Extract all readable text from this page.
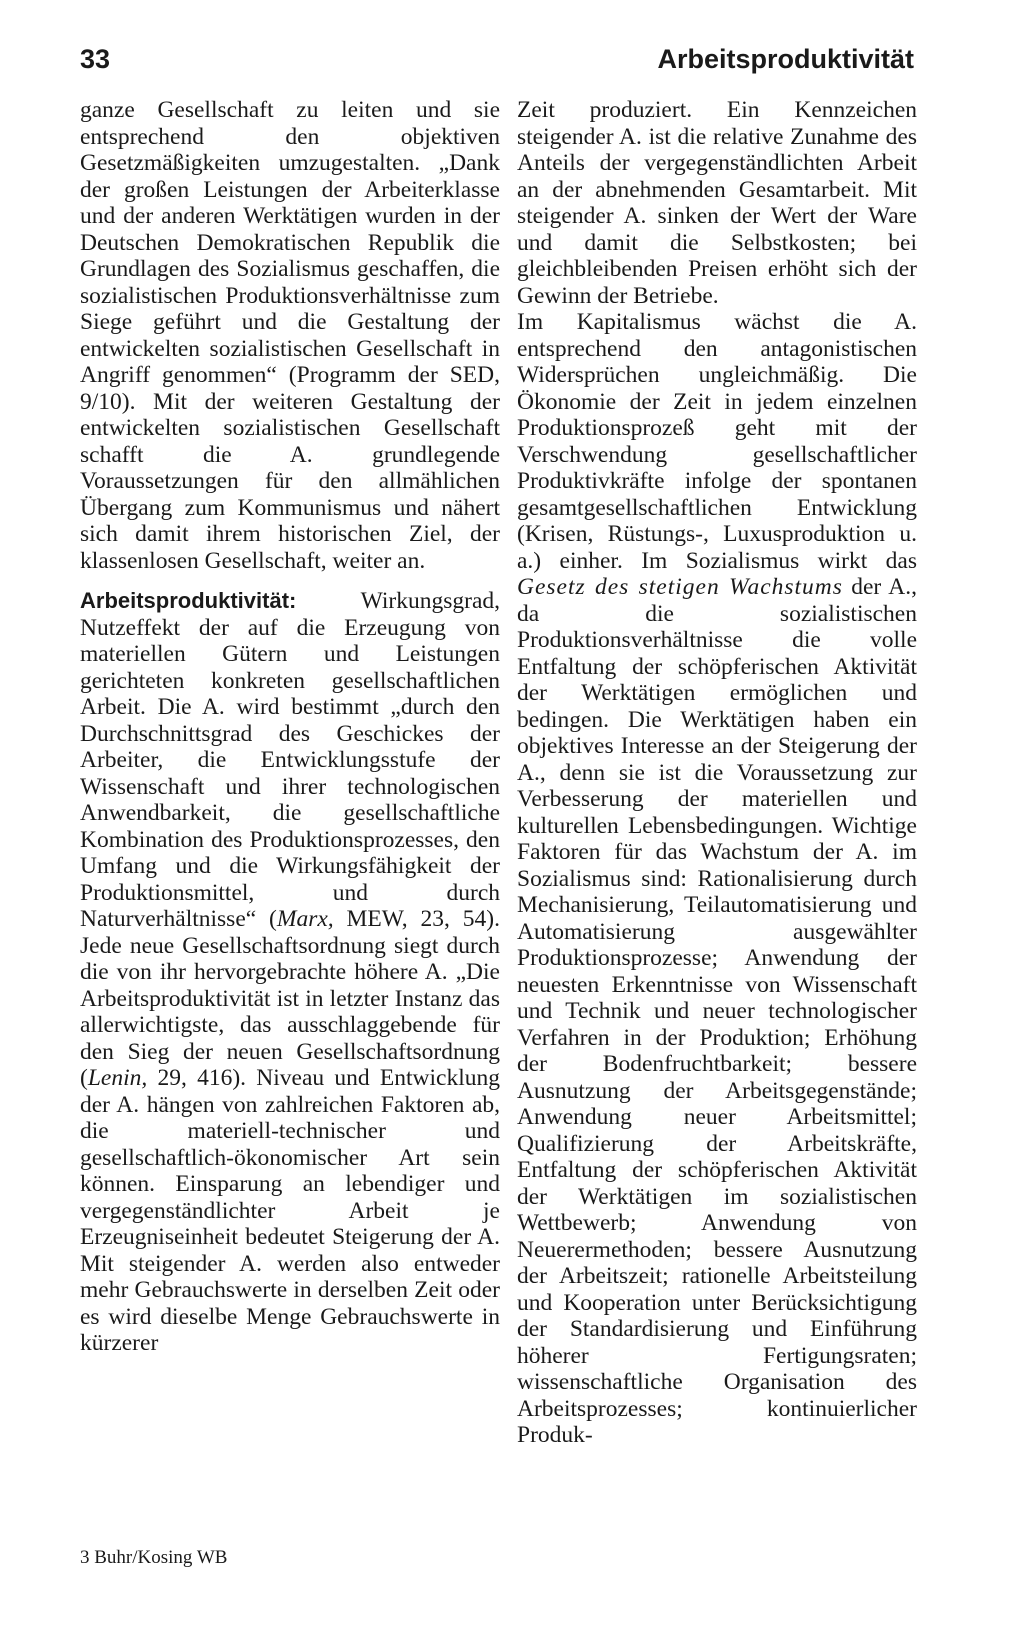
33	Arbeitsproduktivität

ganze Gesellschaft zu leiten und sie entsprechend den objektiven Gesetzmäßigkeiten umzugestalten. „Dank der großen Leistungen der Arbeiterklasse und der anderen Werktätigen wurden in der Deutschen Demokratischen Republik die Grundlagen des Sozialismus geschaffen, die sozialistischen Produktionsverhältnisse zum Siege geführt und die Gestaltung der entwickelten sozialistischen Gesellschaft in Angriff genommen“ (Programm der SED, 9/10). Mit der weiteren Gestaltung der entwickelten sozialistischen Gesellschaft schafft die A. grundlegende Voraussetzungen für den allmählichen Übergang zum Kommunismus und nähert sich damit ihrem historischen Ziel, der klassenlosen Gesellschaft, weiter an.

Arbeitsproduktivität: Wirkungsgrad, Nutzeffekt der auf die Erzeugung von materiellen Gütern und Leistungen gerichteten konkreten gesellschaftlichen Arbeit. Die A. wird bestimmt „durch den Durchschnittsgrad des Geschickes der Arbeiter, die Entwicklungsstufe der Wissenschaft und ihrer technologischen Anwendbarkeit, die gesellschaftliche Kombination des Produktionsprozesses, den Umfang und die Wirkungsfähigkeit der Produktionsmittel, und durch Naturverhältnisse“ (Marx, MEW, 23, 54). Jede neue Gesellschaftsordnung siegt durch die von ihr hervorgebrachte höhere A. „Die Arbeitsproduktivität ist in letzter Instanz das allerwichtigste, das ausschlaggebende für den Sieg der neuen Gesellschaftsordnung (Lenin, 29, 416). Niveau und Entwicklung der A. hängen von zahlreichen Faktoren ab, die materiell-technischer und gesellschaftlich-ökonomischer Art sein können. Einsparung an lebendiger und vergegenständlichter Arbeit je Erzeugniseinheit bedeutet Steigerung der A. Mit steigender A. werden also entweder mehr Gebrauchswerte in derselben Zeit oder es wird dieselbe Menge Gebrauchswerte in kürzerer

Zeit produziert. Ein Kennzeichen steigender A. ist die relative Zunahme des Anteils der vergegenständlichten Arbeit an der abnehmenden Gesamtarbeit. Mit steigender A. sinken der Wert der Ware und damit die Selbstkosten; bei gleichbleibenden Preisen erhöht sich der Gewinn der Betriebe.

Im Kapitalismus wächst die A. entsprechend den antagonistischen Widersprüchen ungleichmäßig. Die Ökonomie der Zeit in jedem einzelnen Produktionsprozeß geht mit der Verschwendung gesellschaftlicher Produktivkräfte infolge der spontanen gesamtgesellschaftlichen Entwicklung (Krisen, Rüstungs-, Luxusproduktion u. a.) einher. Im Sozialismus wirkt das Gesetz des stetigen Wachstums der A., da die sozialistischen Produktionsverhältnisse die volle Entfaltung der schöpferischen Aktivität der Werktätigen ermöglichen und bedingen. Die Werktätigen haben ein objektives Interesse an der Steigerung der A., denn sie ist die Voraussetzung zur Verbesserung der materiellen und kulturellen Lebensbedingungen. Wichtige Faktoren für das Wachstum der A. im Sozialismus sind: Rationalisierung durch Mechanisierung, Teilautomatisierung und Automatisierung ausgewählter Produktionsprozesse; Anwendung der neuesten Erkenntnisse von Wissenschaft und Technik und neuer technologischer Verfahren in der Produktion; Erhöhung der Bodenfruchtbarkeit; bessere Ausnutzung der Arbeitsgegenstände; Anwendung neuer Arbeitsmittel; Qualifizierung der Arbeitskräfte, Entfaltung der schöpferischen Aktivität der Werktätigen im sozialistischen Wettbewerb; Anwendung von Neuerermethoden; bessere Ausnutzung der Arbeitszeit; rationelle Arbeitsteilung und Kooperation unter Berücksichtigung der Standardisierung und Einführung höherer Fertigungsraten; wissenschaftliche Organisation des Arbeitsprozesses; kontinuierlicher Produk-

3 Buhr/Kosing WB
